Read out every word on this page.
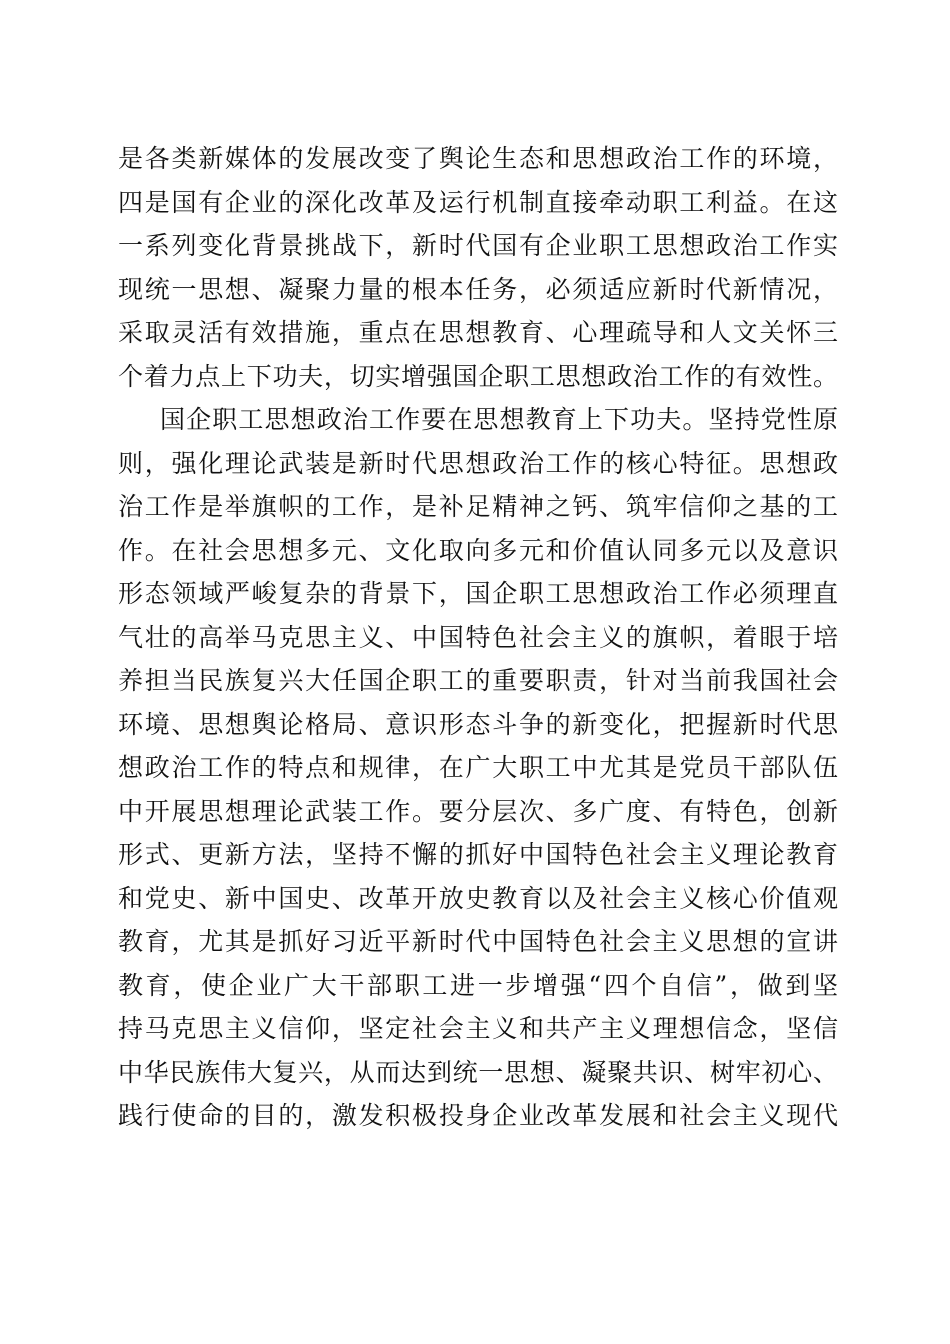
是各类新媒体的发展改变了舆论生态和思想政治工作的环境，
四是国有企业的深化改革及运行机制直接牵动职工利益。在这
一系列变化背景挑战下，新时代国有企业职工思想政治工作实
现统一思想、凝聚力量的根本任务，必须适应新时代新情况，
采取灵活有效措施，重点在思想教育、心理疏导和人文关怀三
个着力点上下功夫，切实增强国企职工思想政治工作的有效性。
国企职工思想政治工作要在思想教育上下功夫。坚持党性原
则，强化理论武装是新时代思想政治工作的核心特征。思想政
治工作是举旗帜的工作，是补足精神之钙、筑牢信仰之基的工
作。在社会思想多元、文化取向多元和价值认同多元以及意识
形态领域严峻复杂的背景下，国企职工思想政治工作必须理直
气壮的高举马克思主义、中国特色社会主义的旗帜，着眼于培
养担当民族复兴大任国企职工的重要职责，针对当前我国社会
环境、思想舆论格局、意识形态斗争的新变化，把握新时代思
想政治工作的特点和规律，在广大职工中尤其是党员干部队伍
中开展思想理论武装工作。要分层次、多广度、有特色，创新
形式、更新方法，坚持不懈的抓好中国特色社会主义理论教育
和党史、新中国史、改革开放史教育以及社会主义核心价值观
教育，尤其是抓好习近平新时代中国特色社会主义思想的宣讲
教育，使企业广大干部职工进一步增强“四个自信”，做到坚
持马克思主义信仰，坚定社会主义和共产主义理想信念，坚信
中华民族伟大复兴，从而达到统一思想、凝聚共识、树牢初心、
践行使命的目的，激发积极投身企业改革发展和社会主义现代
